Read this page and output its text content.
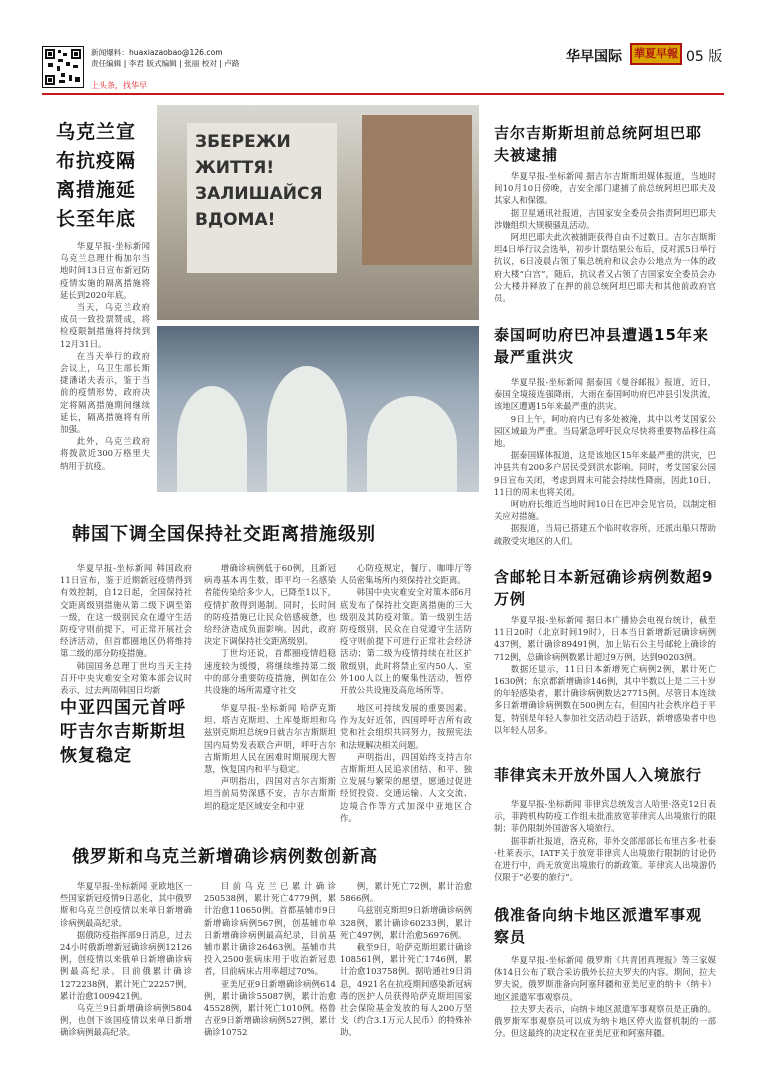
新闻爆料：huaxiazaobao@126.com
责任编辑 | 李君 版式编辑 | 张丽 校对 | 卢路
上头条，找华早
华早国际	華夏早報 05 版
乌克兰宣布抗疫隔离措施延长至年底

华夏早报-坐标新闻 乌克兰总理什梅加尔当地时间13日宣布新冠防疫情实施的隔离措施将延长到2020年底。

当天，乌克兰政府成员一致投票赞成，将检疫限制措施将持续到12月31日。

在当天举行的政府会议上，乌卫生部长斯捷潘诺夫表示，鉴于当前的疫情形势，政府决定将隔离措施期间继续延长，隔离措施将有所加强。

此外，乌克兰政府将拨款近300万格里夫纳用于抗疫。

ЗБЕРЕЖИ ЖИТТЯ! ЗАЛИШАЙСЯ ВДОМА!
韩国下调全国保持社交距离措施级别

华夏早报-坐标新闻 韩国政府11日宣布，鉴于近期新冠疫情得到有效控制，自12日起，全国保持社交距离级别措施从第二级下调至第一级，在这一级别民众在遵守生活防疫守则前提下，可正常开展社会经济活动，但首都圈地区仍将维持第二级的部分防疫措施。

韩国国务总理丁世均当天主持召开中央灾难安全对策本部会议时表示，过去两周韩国日均新

增确诊病例低于60例，且新冠病毒基本再生数，即平均一名感染者能传染给多少人，已降至1以下，疫情扩散得到遏制。同时，长时间的防疫措施已让民众倍感疲惫，也给经济造成负面影响。因此，政府决定下调保持社交距离级别。

丁世均还说，首都圈疫情趋稳速度较为缓慢，将继续维持第二级中的部分重要防疫措施，例如在公共设施的场所需遵守社交

心防疫规定，餐厅、咖啡厅等人员密集场所内须保持社交距离。

韩国中央灾难安全对策本部6月底发布了保持社交距离措施的三大级别及其防疫对策。第一级别生活防疫级别，民众在自觉遵守生活防疫守则前提下可进行正常社会经济活动；第二级为疫情持续在社区扩散级别，此时将禁止室内50人、室外100人以上的聚集性活动，暂停开放公共设施及高危场所等。

中亚四国元首呼吁吉尔吉斯斯坦恢复稳定

华夏早报-坐标新闻 哈萨克斯坦、塔吉克斯坦、土库曼斯坦和乌兹别克斯坦总统9日就吉尔吉斯斯坦国内局势发表联合声明，呼吁吉尔吉斯斯坦人民在困难时期展现大智慧，恢复国内和平与稳定。

声明指出，四国对吉尔吉斯斯坦当前局势深感不安，吉尔吉斯斯坦的稳定是区域安全和中亚

地区可持续发展的重要因素。作为友好近邻，四国呼吁吉所有政党和社会组织共同努力，按照宪法和法规解决相关问题。

声明指出，四国始终支持吉尔吉斯斯坦人民追求团结、和平、独立发展与繁荣的愿望，愿通过促进经贸投资、交通运输、人文交流、边境合作等方式加深中亚地区合作。

俄罗斯和乌克兰新增确诊病例数创新高

华夏早报-坐标新闻 亚欧地区一些国家新冠疫情9日恶化，其中俄罗斯和乌克兰创疫情以来单日新增确诊病例最高纪录。

据俄防疫指挥部9日消息，过去24小时俄新增新冠确诊病例12126例，创疫情以来俄单日新增确诊病例最高纪录。目前俄累计确诊1272238例，累计死亡22257例，累计治愈1009421例。

乌克兰9日新增确诊病例5804例，也创下该国疫情以来单日新增确诊病例最高纪录。

目前乌克兰已累计确诊250538例，累计死亡4779例，累计治愈110650例。首都基辅市9日新增确诊病例567例，创基辅市单日新增确诊病例最高纪录，目前基辅市累计确诊26463例。基辅市共投入2500张病床用于收治新冠患者，目前病床占用率超过70%。

亚美尼亚9日新增确诊病例614例，累计确诊55087例，累计治愈45528例，累计死亡1010例。格鲁吉亚9日新增确诊病例527例，累计确诊10752

例，累计死亡72例，累计治愈5866例。

乌兹别克斯坦9日新增确诊病例328例，累计确诊60233例，累计死亡497例，累计治愈56976例。

截至9日，哈萨克斯坦累计确诊108561例，累计死亡1746例，累计治愈103758例。据哈通社9日消息，4921名在抗疫期间感染新冠病毒的医护人员获得哈萨克斯坦国家社会保险基金发放的每人200万坚戈（约合3.1万元人民币）的特殊补助。

吉尔吉斯斯坦前总统阿坦巴耶夫被逮捕

华夏早报-坐标新闻 据吉尔吉斯斯坦媒体报道，当地时间10月10日傍晚，吉安全部门逮捕了前总统阿坦巴耶夫及其家人和保镖。

据卫星通讯社报道，吉国家安全委员会指责阿坦巴耶夫涉嫌组织大规模骚乱活动。

阿坦巴耶夫此次被捕距获得自由不过数日。吉尔吉斯斯坦4日举行议会选举，初步计票结果公布后，反对派5日举行抗议，6日凌晨占领了集总统府和议会办公地点为一体的政府大楼“白宫”，随后，抗议者又占领了吉国家安全委员会办公大楼并释放了在押的前总统阿坦巴耶夫和其他前政府官员。

泰国呵叻府巴冲县遭遇15年来最严重洪灾

华夏早报-坐标新闻 据泰国《曼谷邮报》报道，近日，泰国全境接连强降雨，大雨在泰国呵叻府巴冲县引发洪流，该地区遭遇15年来最严重的洪灾。

9日上午，呵叻府内已有多处被淹，其中以考艾国家公园区域最为严重。当局紧急呼吁民众尽快将重要物品移往高地。

据泰国媒体报道，这是该地区15年来最严重的洪灾，巴冲县共有200多户居民受到洪水影响。同时，考艾国家公园9日宣布关闭，考虑到周末可能会持续性降雨，因此10日、11日的周末也将关闭。

呵叻府长维近当地时间10日在巴冲会见官员，以制定相关应对措施。

据报道，当局已搭建五个临时收容所，还派出船只帮助疏散受灾地区的人们。

含邮轮日本新冠确诊病例数超9万例

华夏早报-坐标新闻 据日本广播协会电视台统计，截至11日20时（北京时间19时），日本当日新增新冠确诊病例437例，累计确诊89491例，加上钻石公主号邮轮上确诊的712例，总确诊病例数累计超过9万例，达到90203例。

数据还显示，11日日本新增死亡病例2例，累计死亡1630例；东京都新增确诊146例，其中半数以上是二三十岁的年轻感染者，累计确诊病例数达27715例。尽管日本连续多日新增确诊病例数在500例左右，但国内社会秩序趋于平复，特别是年轻人参加社交活动趋于活跃，新增感染者中也以年轻人居多。

菲律宾未开放外国人入境旅行

华夏早报-坐标新闻 菲律宾总统发言人哈里·洛克12日表示，菲跨机构防疫工作组未批准放宽菲律宾人出境旅行的限制；菲仍限制外国游客入境旅行。

据菲新社报道，洛克称，菲外交部部部长布里吉多·杜泰·杜莱表示，IATF关于放宽菲律宾人出境旅行限制的讨论仍在进行中，尚无放宽出境旅行的新政策。菲律宾人出境游仍仅限于“必要的旅行”。

俄准备向纳卡地区派遣军事观察员

华夏早报-坐标新闻 俄罗斯《共青团真理报》等三家媒体14日公布了联合采访俄外长拉夫罗夫的内容。期间，拉夫罗夫说，俄罗斯准备向阿塞拜疆和亚美尼亚的纳卡（纳卡）地区派遣军事观察员。

拉夫罗夫表示，向纳卡地区派遣军事观察员是正确的。俄罗斯军事观察员可以成为纳卡地区停火监督机制的一部分。但这最终的决定权在亚美尼亚和阿塞拜疆。
